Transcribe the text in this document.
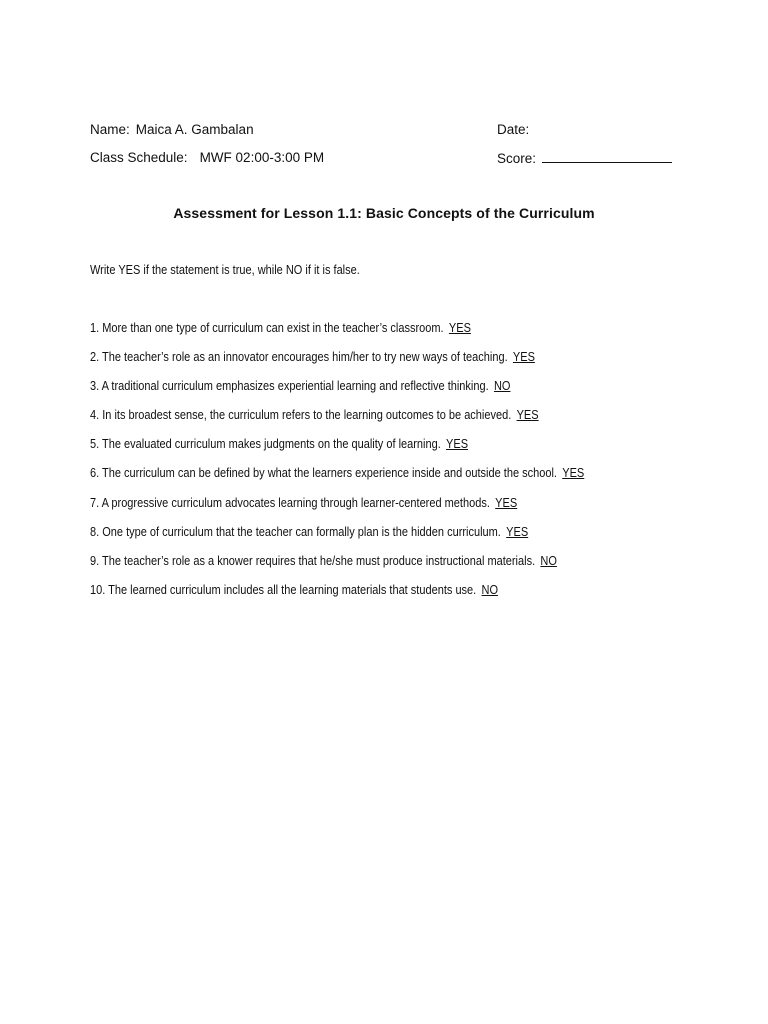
Name: Maica A. Gambalan	Date:
Class Schedule: MWF 02:00-3:00 PM	Score:
Assessment for Lesson 1.1: Basic Concepts of the Curriculum
Write YES if the statement is true, while NO if it is false.
1. More than one type of curriculum can exist in the teacher’s classroom. YES
2. The teacher’s role as an innovator encourages him/her to try new ways of teaching. YES
3. A traditional curriculum emphasizes experiential learning and reflective thinking. NO
4. In its broadest sense, the curriculum refers to the learning outcomes to be achieved. YES
5. The evaluated curriculum makes judgments on the quality of learning. YES
6. The curriculum can be defined by what the learners experience inside and outside the school. YES
7. A progressive curriculum advocates learning through learner-centered methods. YES
8. One type of curriculum that the teacher can formally plan is the hidden curriculum. YES
9. The teacher’s role as a knower requires that he/she must produce instructional materials. NO
10. The learned curriculum includes all the learning materials that students use. NO
